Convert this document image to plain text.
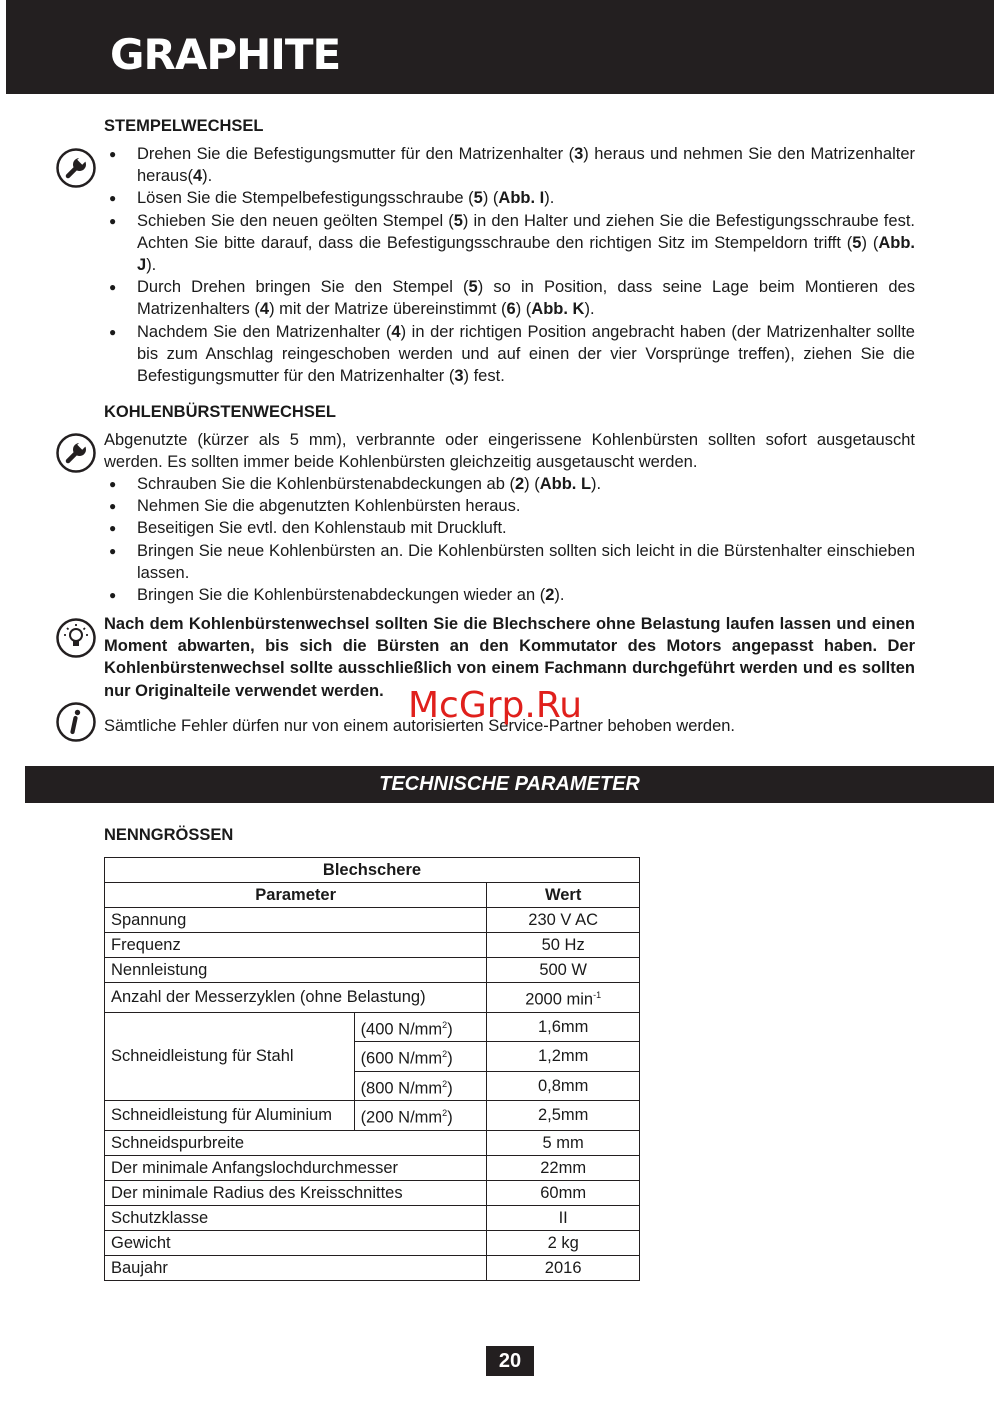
GRAPHITE
STEMPELWECHSEL
● Drehen Sie die Befestigungsmutter für den Matrizenhalter (3) heraus und nehmen Sie den Matrizenhalter heraus(4).
● Lösen Sie die Stempelbefestigungsschraube (5) (Abb. I).
● Schieben Sie den neuen geölten Stempel (5) in den Halter und ziehen Sie die Befestigungsschraube fest. Achten Sie bitte darauf, dass die Befestigungsschraube den richtigen Sitz im Stempeldorn trifft (5) (Abb. J).
● Durch Drehen bringen Sie den Stempel (5) so in Position, dass seine Lage beim Montieren des Matrizenhalters (4) mit der Matrize übereinstimmt (6) (Abb. K).
● Nachdem Sie den Matrizenhalter (4) in der richtigen Position angebracht haben (der Matrizenhalter sollte bis zum Anschlag reingeschoben werden und auf einen der vier Vorsprünge treffen), ziehen Sie die Befestigungsmutter für den Matrizenhalter (3) fest.
KOHLENBÜRSTENWECHSEL

Abgenutzte (kürzer als 5 mm), verbrannte oder eingerissene Kohlenbürsten sollten sofort ausgetauscht werden. Es sollten immer beide Kohlenbürsten gleichzeitig ausgetauscht werden.

● Schrauben Sie die Kohlenbürstenabdeckungen ab (2) (Abb. L).
● Nehmen Sie die abgenutzten Kohlenbürsten heraus.
● Beseitigen Sie evtl. den Kohlenstaub mit Druckluft.
● Bringen Sie neue Kohlenbürsten an. Die Kohlenbürsten sollten sich leicht in die Bürstenhalter einschieben lassen.
● Bringen Sie die Kohlenbürstenabdeckungen wieder an (2).

Nach dem Kohlenbürstenwechsel sollten Sie die Blechschere ohne Belastung laufen lassen und einen Moment abwarten, bis sich die Bürsten an den Kommutator des Motors angepasst haben. Der Kohlenbürstenwechsel sollte ausschließlich von einem Fachmann durchgeführt werden und es sollten nur Originalteile verwendet werden.

Sämtliche Fehler dürfen nur von einem autorisierten Service-Partner behoben werden.

McGrp.Ru
TECHNISCHE PARAMETER
NENNGRÖSSEN
Blechschere		
Parameter		Wert
Spannung		230 V AC
Frequenz		50 Hz
Nennleistung		500 W
Anzahl der Messerzyklen (ohne Belastung)		2000 $\min^{-1}$
Schneidleistung für Stahl	(400 $N/mm^2$)	1,6mm
	(600 $N/mm^2$)	1,2mm
	(800 $N/mm^2$)	0,8mm
Schneidleistung für Aluminium	(200 $N/mm^2$)	2,5mm
Schneidspurbreite		5 mm
Der minimale Anfangslochdurchmesser		22mm
Der minimale Radius des Kreisschnittes		60mm
Schutzklasse		II
Gewicht		2 kg
Baujahr		2016
20
